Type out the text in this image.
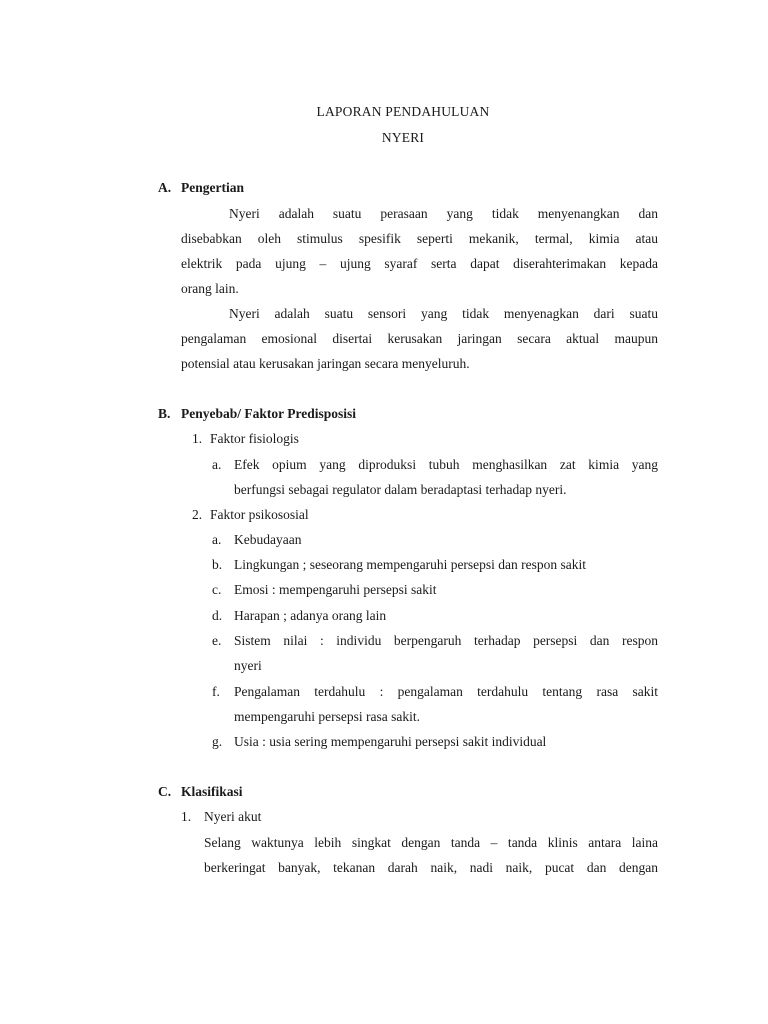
LAPORAN PENDAHULUAN
NYERI
A. Pengertian
Nyeri adalah suatu perasaan yang tidak menyenangkan dan
disebabkan oleh stimulus spesifik seperti mekanik, termal, kimia atau
elektrik pada ujung – ujung syaraf serta dapat diserahterimakan kepada
orang lain.
Nyeri adalah suatu sensori yang tidak menyenagkan dari suatu
pengalaman emosional disertai kerusakan jaringan secara aktual maupun
potensial atau kerusakan jaringan secara menyeluruh.
B. Penyebab/ Faktor Predisposisi
1. Faktor fisiologis
a. Efek opium yang diproduksi tubuh menghasilkan zat kimia yang
berfungsi sebagai regulator dalam beradaptasi terhadap nyeri.
2. Faktor psikososial
a. Kebudayaan
b. Lingkungan ; seseorang mempengaruhi persepsi dan respon sakit
c. Emosi : mempengaruhi persepsi sakit
d. Harapan ; adanya orang lain
e. Sistem nilai : individu berpengaruh terhadap persepsi dan respon
nyeri
f. Pengalaman terdahulu : pengalaman terdahulu tentang rasa sakit
mempengaruhi persepsi rasa sakit.
g. Usia : usia sering mempengaruhi persepsi sakit individual
C. Klasifikasi
1. Nyeri akut
Selang waktunya lebih singkat dengan tanda – tanda klinis antara laina
berkeringat banyak, tekanan darah naik, nadi naik, pucat dan dengan
